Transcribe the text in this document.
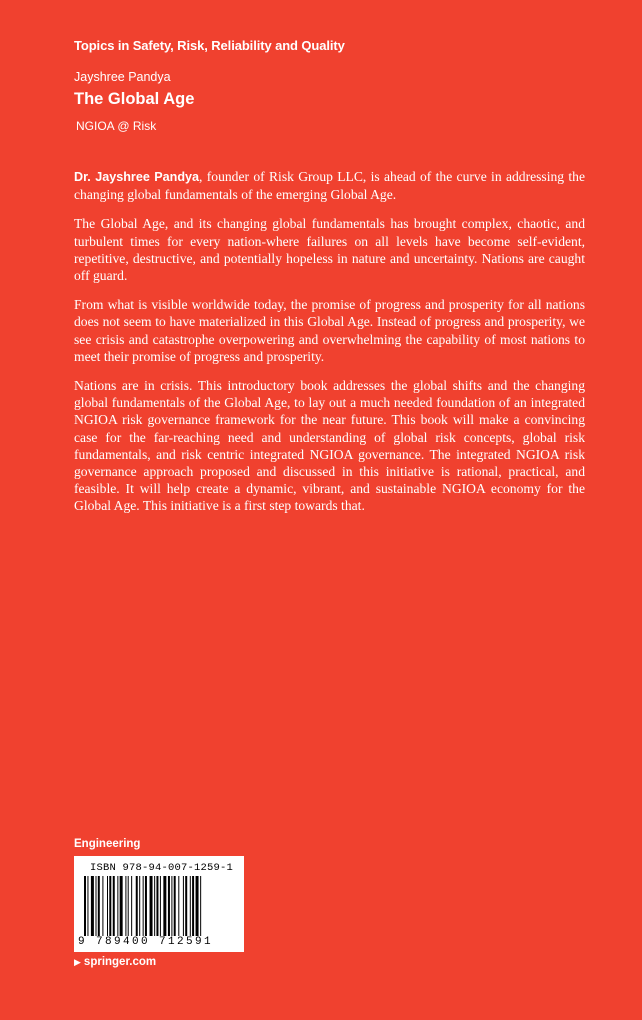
Topics in Safety, Risk, Reliability and Quality
Jayshree Pandya
The Global Age
NGIOA @ Risk

Dr. Jayshree Pandya, founder of Risk Group LLC, is ahead of the curve in addressing the changing global fundamentals of the emerging Global Age.

The Global Age, and its changing global fundamentals has brought complex, chaotic, and turbulent times for every nation-where failures on all levels have become self-evident, repetitive, destructive, and potentially hopeless in nature and uncertainty. Nations are caught off guard.

From what is visible worldwide today, the promise of progress and prosperity for all nations does not seem to have materialized in this Global Age. Instead of progress and prosperity, we see crisis and catastrophe overpowering and overwhelming the capability of most nations to meet their promise of progress and prosperity.

Nations are in crisis. This introductory book addresses the global shifts and the changing global fundamentals of the Global Age, to lay out a much needed foundation of an integrated NGIOA risk governance framework for the near future. This book will make a convincing case for the far-reaching need and understanding of global risk concepts, global risk fundamentals, and risk centric integrated NGIOA governance. The integrated NGIOA risk governance approach proposed and discussed in this initiative is rational, practical, and feasible. It will help create a dynamic, vibrant, and sustainable NGIOA economy for the Global Age. This initiative is a first step towards that.

Engineering
ISBN 978-94-007-1259-1
9 789400 712591
▶ springer.com
